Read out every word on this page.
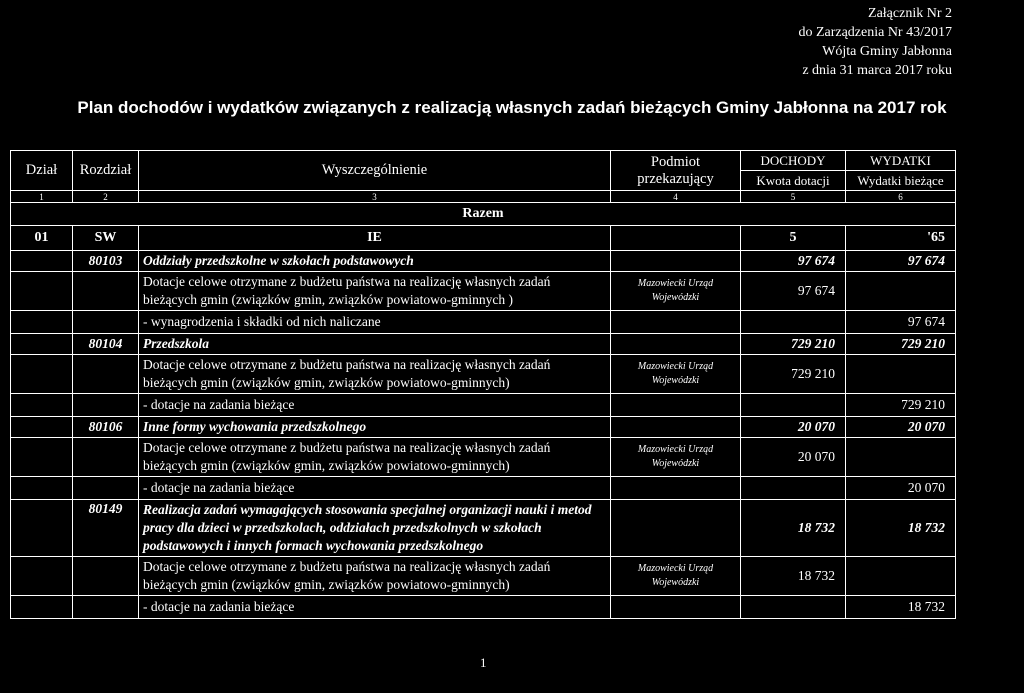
Załącznik Nr 2
do Zarządzenia Nr 43/2017
Wójta Gminy Jabłonna
z dnia 31 marca 2017 roku
Plan dochodów i wydatków związanych z realizacją własnych zadań bieżących Gminy Jabłonna na 2017 rok
Dział	Rozdział	Wyszczególnienie	Podmiot przekazujący	DOCHODY	WYDATKI
				Kwota dotacji	Wydatki bieżące
1	2	3	4	5	6
Razem					
01	SW	IE		5	'65
	80103	Oddziały przedszkolne w szkołach podstawowych		97 674	97 674
		Dotacje celowe otrzymane z budżetu państwa na realizację własnych zadań bieżących gmin (związków gmin, związków powiatowo-gminnych )	Mazowiecki Urząd Wojewódzki	97 674	
		- wynagrodzenia i składki od nich naliczane			97 674
	80104	Przedszkola		729 210	729 210
		Dotacje celowe otrzymane z budżetu państwa na realizację własnych zadań bieżących gmin (związków gmin, związków powiatowo-gminnych)	Mazowiecki Urząd Wojewódzki	729 210	
		- dotacje na zadania bieżące			729 210
	80106	Inne formy wychowania przedszkolnego		20 070	20 070
		Dotacje celowe otrzymane z budżetu państwa na realizację własnych zadań bieżących gmin (związków gmin, związków powiatowo-gminnych)	Mazowiecki Urząd Wojewódzki	20 070	
		- dotacje na zadania bieżące			20 070
	80149	Realizacja zadań wymagających stosowania specjalnej organizacji nauki i metod pracy dla dzieci w przedszkolach, oddziałach przedszkolnych w szkołach podstawowych i innych formach wychowania przedszkolnego		18 732	18 732
		Dotacje celowe otrzymane z budżetu państwa na realizację własnych zadań bieżących gmin (związków gmin, związków powiatowo-gminnych)	Mazowiecki Urząd Wojewódzki	18 732	
		- dotacje na zadania bieżące			18 732
1
